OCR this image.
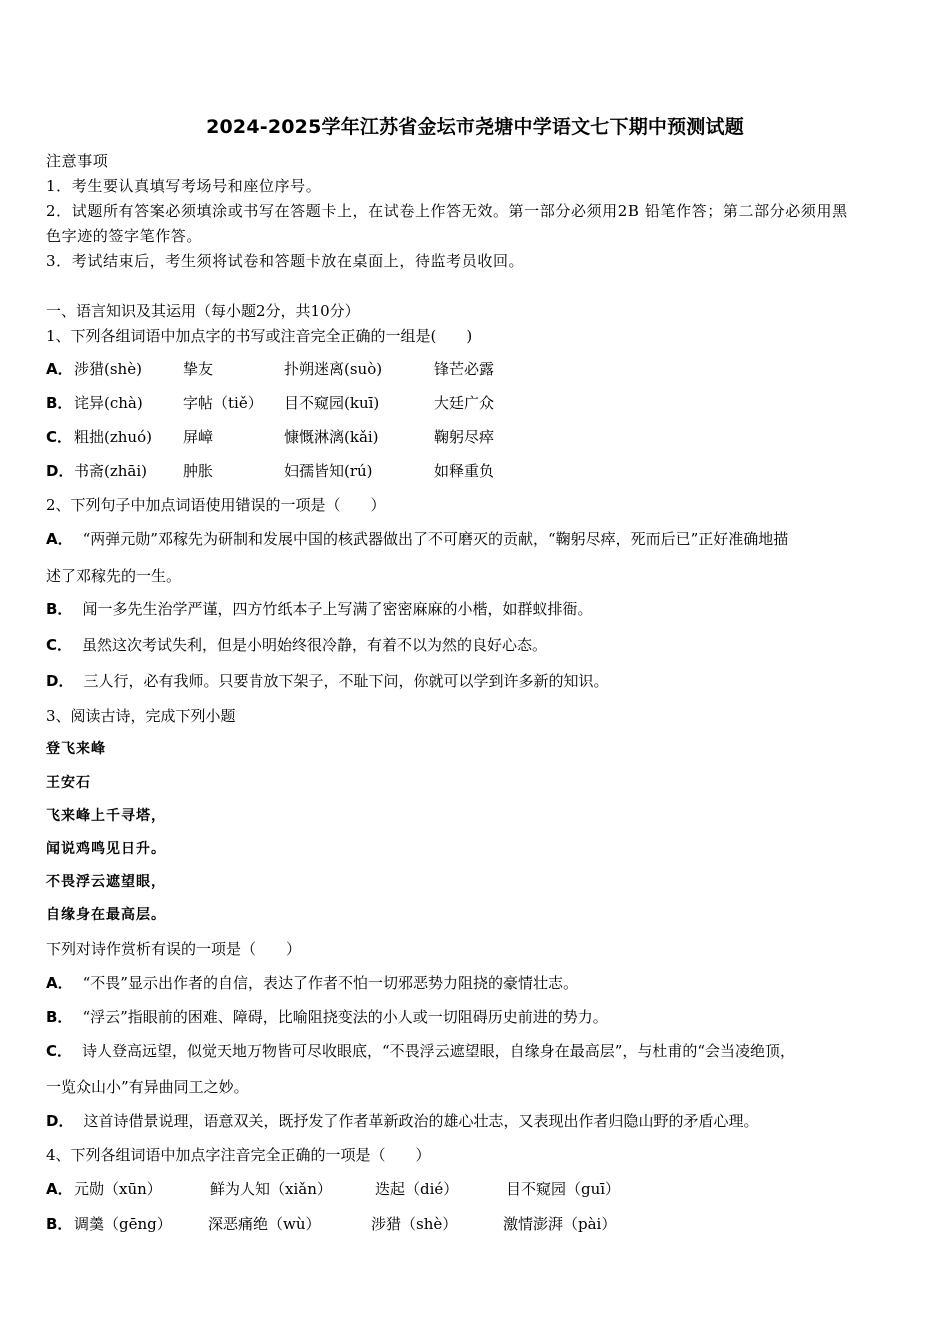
2024-2025学年江苏省金坛市尧塘中学语文七下期中预测试题
注意事项
1．考生要认真填写考场号和座位序号。
2．试题所有答案必须填涂或书写在答题卡上，在试卷上作答无效。第一部分必须用2B 铅笔作答；第二部分必须用黑
色字迹的签字笔作答。
3．考试结束后，考生须将试卷和答题卡放在桌面上，待监考员收回。
一、语言知识及其运用（每小题2分，共10分）
1、下列各组词语中加点字的书写或注音完全正确的一组是(　　)
A． 涉猎(shè)	挚友	扑朔迷离(suò)	锋芒必露
B． 诧异(chà)	字帖（tiě） 目不窥园(kuī)	大廷广众
C． 粗拙(zhuó) 屏嶂	慷慨淋漓(kǎi)	鞠躬尽瘁
D． 书斋(zhāi) 肿胀	妇孺皆知(rú)	如释重负
2、下列句子中加点词语使用错误的一项是（　　）
A． “两弹元勋”邓稼先为研制和发展中国的核武器做出了不可磨灭的贡献，“鞠躬尽瘁，死而后已”正好准确地描
述了邓稼先的一生。
B． 闻一多先生治学严谨，四方竹纸本子上写满了密密麻麻的小楷，如群蚁排衙。
C． 虽然这次考试失利，但是小明始终很冷静，有着不以为然的良好心态。
D． 三人行，必有我师。只要肯放下架子，不耻下问，你就可以学到许多新的知识。
3、阅读古诗，完成下列小题
登飞来峰
王安石
飞来峰上千寻塔，
闻说鸡鸣见日升。
不畏浮云遮望眼，
自缘身在最高层。
下列对诗作赏析有误的一项是（　　）
A． “不畏”显示出作者的自信，表达了作者不怕一切邪恶势力阻挠的豪情壮志。
B． “浮云”指眼前的困难、障碍，比喻阻挠变法的小人或一切阻碍历史前进的势力。
C． 诗人登高远望，似觉天地万物皆可尽收眼底，“不畏浮云遮望眼，自缘身在最高层”，与杜甫的“会当凌绝顶，
一览众山小”有异曲同工之妙。
D． 这首诗借景说理，语意双关，既抒发了作者革新政治的雄心壮志，又表现出作者归隐山野的矛盾心理。
4、下列各组词语中加点字注音完全正确的一项是（　　）
A． 元勋（xūn）	鲜为人知（xiǎn）	迭起（dié）	目不窥园（guī）
B． 调羹（gēng） 深恶痛绝（wù）	涉猎（shè）	激情澎湃（pài）
